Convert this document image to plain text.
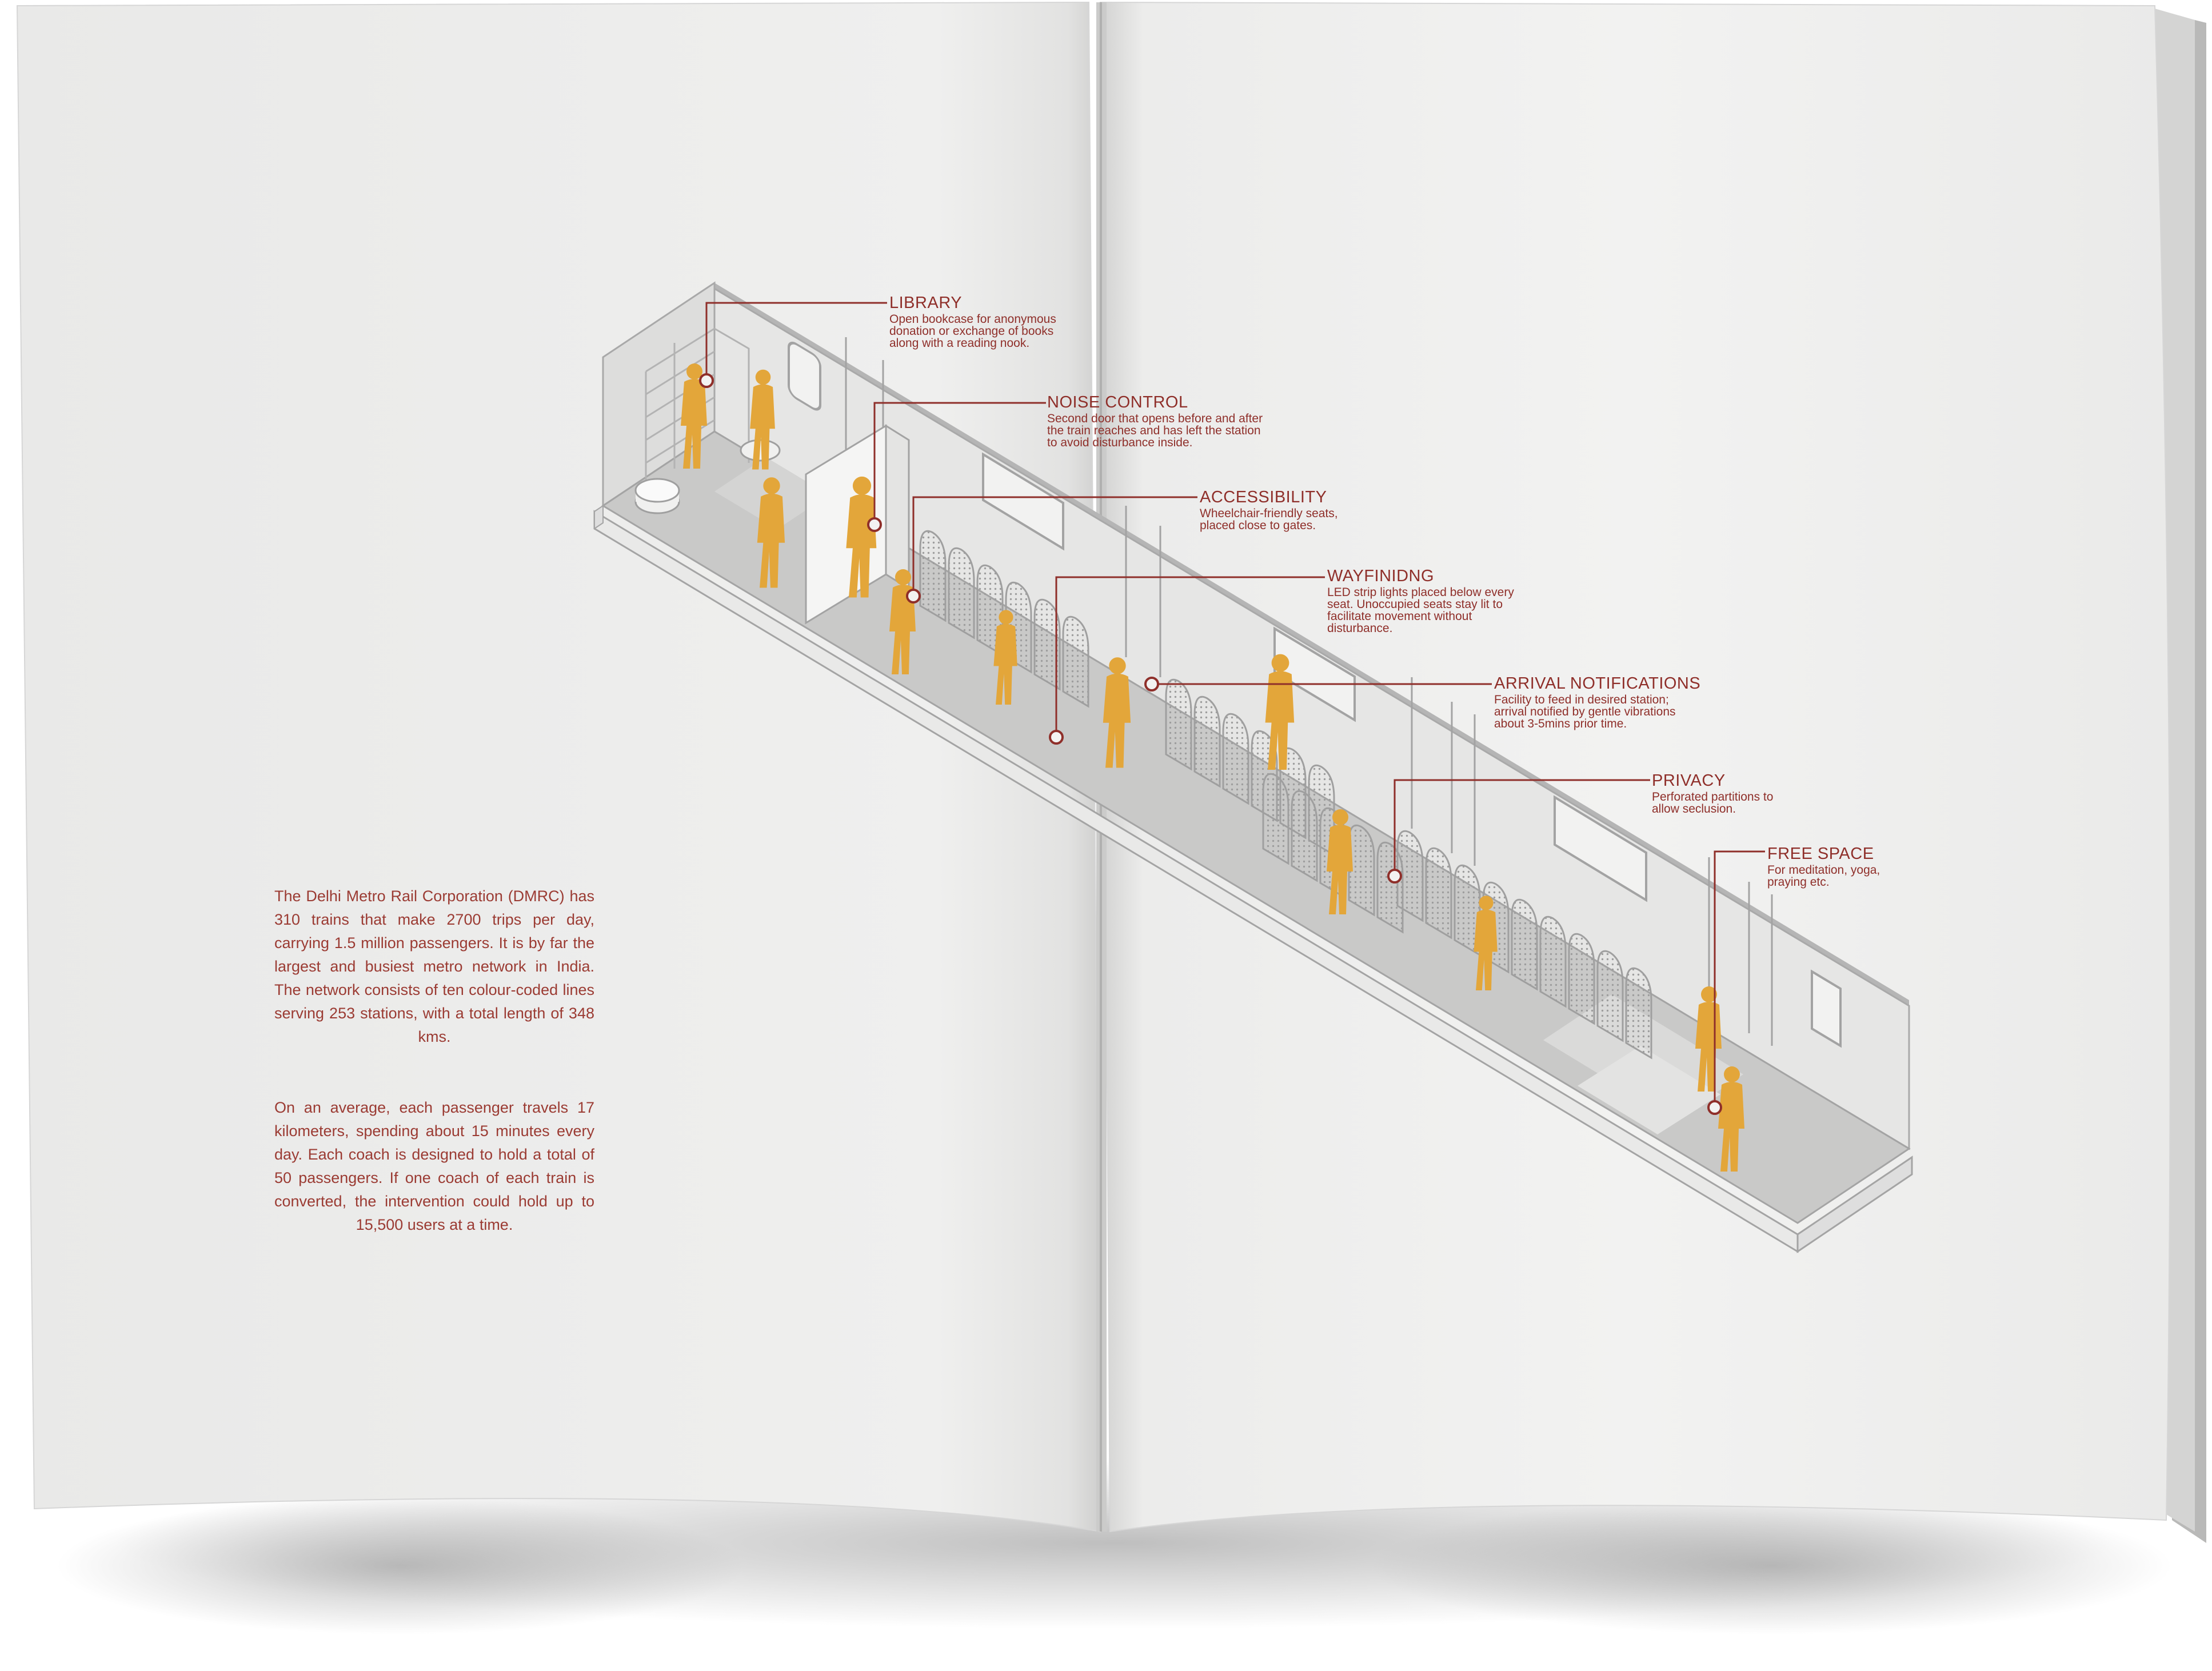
The Delhi Metro Rail Corporation (DMRC) has 310 trains that make 2700 trips per day, carrying 1.5 million passengers. It is by far the largest and busiest metro network in India. The network consists of ten colour-coded lines serving 253 stations, with a total length of 348 kms.

On an average, each passenger travels 17 kilometers, spending about 15 minutes every day. Each coach is designed to hold a total of 50 passengers. If one coach of each train is converted, the intervention could hold up to 15,500 users at a time.

LIBRARY
Open bookcase for anonymous
donation or exchange of books
along with a reading nook.
NOISE CONTROL
Second door that opens before and after
the train reaches and has left the station
to avoid disturbance inside.
ACCESSIBILITY
Wheelchair-friendly seats,
placed close to gates.
WAYFINIDNG
LED strip lights placed below every
seat. Unoccupied seats stay lit to
facilitate movement without
disturbance.
ARRIVAL NOTIFICATIONS
Facility to feed in desired station;
arrival notified by gentle vibrations
about 3-5mins prior time.
PRIVACY
Perforated partitions to
allow seclusion.
FREE SPACE
For meditation, yoga,
praying etc.
